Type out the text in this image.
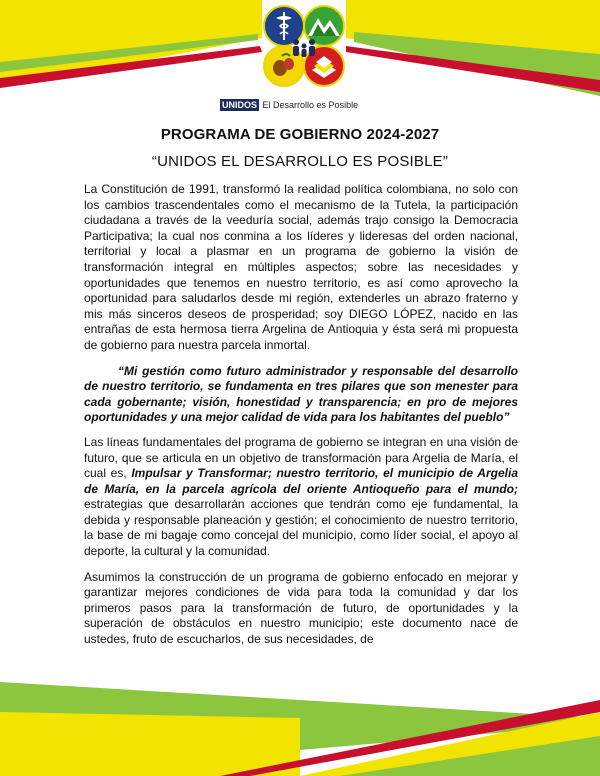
UNIDOS El Desarrollo es Posible
PROGRAMA DE GOBIERNO 2024-2027
“UNIDOS EL DESARROLLO ES POSIBLE”

La Constitución de 1991, transformó la realidad política colombiana, no solo con los cambios trascendentales como el mecanismo de la Tutela, la participación ciudadana a través de la veeduría social, además trajo consigo la Democracia Participativa; la cual nos conmina a los líderes y lideresas del orden nacional, territorial y local a plasmar en un programa de gobierno la visión de transformación integral en múltiples aspectos; sobre las necesidades y oportunidades que tenemos en nuestro territorio, es así como aprovecho la oportunidad para saludarlos desde mi región, extenderles un abrazo fraterno y mis más sinceros deseos de prosperidad; soy DIEGO LÓPEZ, nacido en las entrañas de esta hermosa tierra Argelina de Antioquia y ésta será mi propuesta de gobierno para nuestra parcela inmortal.

“Mi gestión como futuro administrador y responsable del desarrollo de nuestro territorio, se fundamenta en tres pilares que son menester para cada gobernante; visión, honestidad y transparencia; en pro de mejores oportunidades y una mejor calidad de vida para los habitantes del pueblo”

Las líneas fundamentales del programa de gobierno se integran en una visión de futuro, que se articula en un objetivo de transformación para Argelia de María, el cual es, Impulsar y Transformar; nuestro territorio, el municipio de Argelia de María, en la parcela agrícola del oriente Antioqueño para el mundo; estrategias que desarrollarán acciones que tendrán como eje fundamental, la debida y responsable planeación y gestión; el conocimiento de nuestro territorio, la base de mi bagaje como concejal del municipio, como líder social, el apoyo al deporte, la cultural y la comunidad.

Asumimos la construcción de un programa de gobierno enfocado en mejorar y garantizar mejores condiciones de vida para toda la comunidad y dar los primeros pasos para la transformación de futuro, de oportunidades y la superación de obstáculos en nuestro municipio; este documento nace de ustedes, fruto de escucharlos, de sus necesidades, de
